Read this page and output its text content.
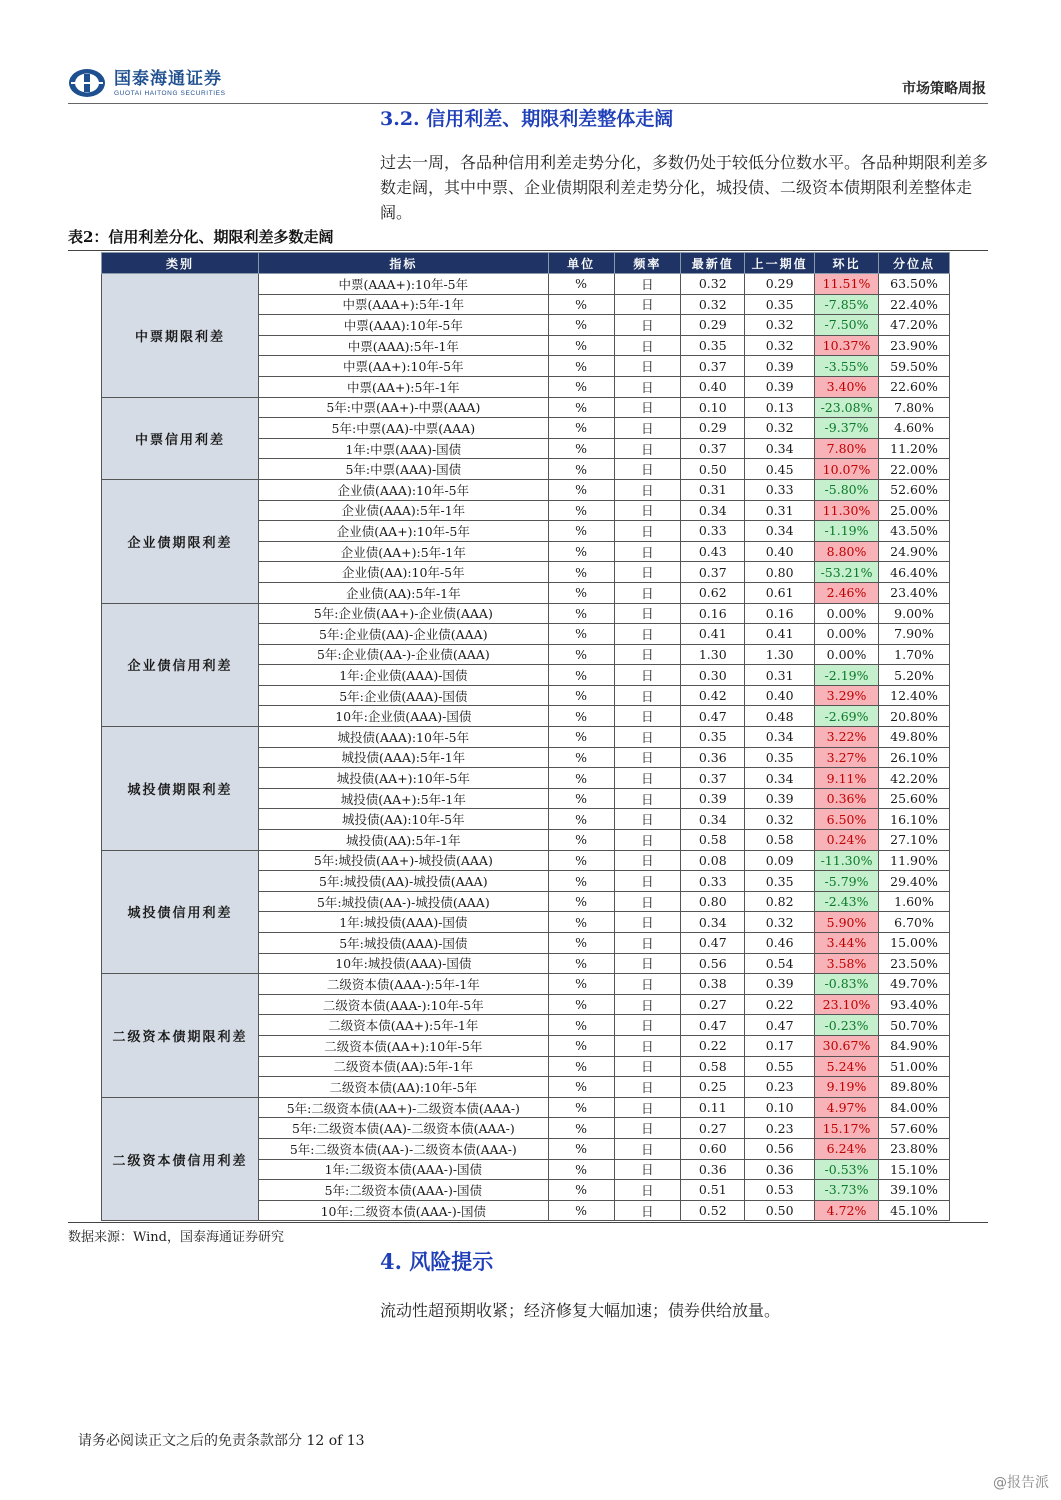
国泰海通证券
GUOTAI HAITONG SECURITIES	市场策略周报
3.2. 信用利差、期限利差整体走阔
过去一周，各品种信用利差走势分化，多数仍处于较低分位数水平。各品种期限利差多数走阔，其中中票、企业债期限利差走势分化，城投债、二级资本债期限利差整体走阔。
表2：信用利差分化、期限利差多数走阔
类别	指标	单位	频率	最新值	上一期值	环比	分位点
中票期限利差	中票(AAA+):10年-5年	%	日	0.32	0.29	11.51%	63.50%
	中票(AAA+):5年-1年	%	日	0.32	0.35	-7.85%	22.40%
	中票(AAA):10年-5年	%	日	0.29	0.32	-7.50%	47.20%
	中票(AAA):5年-1年	%	日	0.35	0.32	10.37%	23.90%
	中票(AA+):10年-5年	%	日	0.37	0.39	-3.55%	59.50%
	中票(AA+):5年-1年	%	日	0.40	0.39	3.40%	22.60%
中票信用利差	5年:中票(AA+)-中票(AAA)	%	日	0.10	0.13	-23.08%	7.80%
	5年:中票(AA)-中票(AAA)	%	日	0.29	0.32	-9.37%	4.60%
	1年:中票(AAA)-国债	%	日	0.37	0.34	7.80%	11.20%
	5年:中票(AAA)-国债	%	日	0.50	0.45	10.07%	22.00%
企业债期限利差	企业债(AAA):10年-5年	%	日	0.31	0.33	-5.80%	52.60%
	企业债(AAA):5年-1年	%	日	0.34	0.31	11.30%	25.00%
	企业债(AA+):10年-5年	%	日	0.33	0.34	-1.19%	43.50%
	企业债(AA+):5年-1年	%	日	0.43	0.40	8.80%	24.90%
	企业债(AA):10年-5年	%	日	0.37	0.80	-53.21%	46.40%
	企业债(AA):5年-1年	%	日	0.62	0.61	2.46%	23.40%
企业债信用利差	5年:企业债(AA+)-企业债(AAA)	%	日	0.16	0.16	0.00%	9.00%
	5年:企业债(AA)-企业债(AAA)	%	日	0.41	0.41	0.00%	7.90%
	5年:企业债(AA-)-企业债(AAA)	%	日	1.30	1.30	0.00%	1.70%
	1年:企业债(AAA)-国债	%	日	0.30	0.31	-2.19%	5.20%
	5年:企业债(AAA)-国债	%	日	0.42	0.40	3.29%	12.40%
	10年:企业债(AAA)-国债	%	日	0.47	0.48	-2.69%	20.80%
城投债期限利差	城投债(AAA):10年-5年	%	日	0.35	0.34	3.22%	49.80%
	城投债(AAA):5年-1年	%	日	0.36	0.35	3.27%	26.10%
	城投债(AA+):10年-5年	%	日	0.37	0.34	9.11%	42.20%
	城投债(AA+):5年-1年	%	日	0.39	0.39	0.36%	25.60%
	城投债(AA):10年-5年	%	日	0.34	0.32	6.50%	16.10%
	城投债(AA):5年-1年	%	日	0.58	0.58	0.24%	27.10%
城投债信用利差	5年:城投债(AA+)-城投债(AAA)	%	日	0.08	0.09	-11.30%	11.90%
	5年:城投债(AA)-城投债(AAA)	%	日	0.33	0.35	-5.79%	29.40%
	5年:城投债(AA-)-城投债(AAA)	%	日	0.80	0.82	-2.43%	1.60%
	1年:城投债(AAA)-国债	%	日	0.34	0.32	5.90%	6.70%
	5年:城投债(AAA)-国债	%	日	0.47	0.46	3.44%	15.00%
	10年:城投债(AAA)-国债	%	日	0.56	0.54	3.58%	23.50%
二级资本债期限利差	二级资本债(AAA-):5年-1年	%	日	0.38	0.39	-0.83%	49.70%
	二级资本债(AAA-):10年-5年	%	日	0.27	0.22	23.10%	93.40%
	二级资本债(AA+):5年-1年	%	日	0.47	0.47	-0.23%	50.70%
	二级资本债(AA+):10年-5年	%	日	0.22	0.17	30.67%	84.90%
	二级资本债(AA):5年-1年	%	日	0.58	0.55	5.24%	51.00%
	二级资本债(AA):10年-5年	%	日	0.25	0.23	9.19%	89.80%
二级资本债信用利差	5年:二级资本债(AA+)-二级资本债(AAA-)	%	日	0.11	0.10	4.97%	84.00%
	5年:二级资本债(AA)-二级资本债(AAA-)	%	日	0.27	0.23	15.17%	57.60%
	5年:二级资本债(AA-)-二级资本债(AAA-)	%	日	0.60	0.56	6.24%	23.80%
	1年:二级资本债(AAA-)-国债	%	日	0.36	0.36	-0.53%	15.10%
	5年:二级资本债(AAA-)-国债	%	日	0.51	0.53	-3.73%	39.10%
	10年:二级资本债(AAA-)-国债	%	日	0.52	0.50	4.72%	45.10%
数据来源：Wind，国泰海通证券研究
4. 风险提示
流动性超预期收紧；经济修复大幅加速；债券供给放量。
请务必阅读正文之后的免责条款部分 12 of 13
@报告派
